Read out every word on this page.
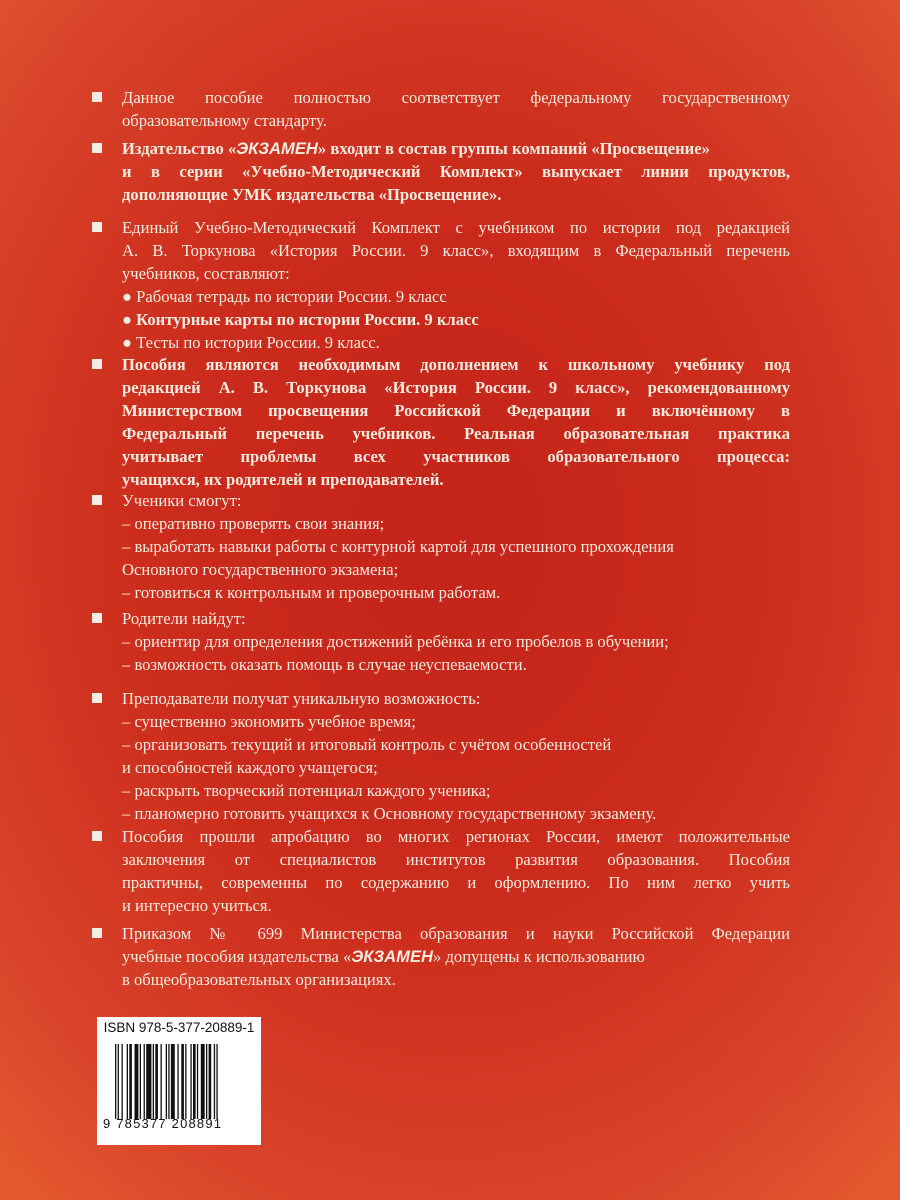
Данное пособие полностью соответствует федеральному государственному
образовательному стандарту.
Издательство «ЭКЗАМЕН» входит в состав группы компаний «Просвещение»
и в серии «Учебно-Методический Комплект» выпускает линии продуктов,
дополняющие УМК издательства «Просвещение».
Единый Учебно-Методический Комплект с учебником по истории под редакцией
А. В. Торкунова «История России. 9 класс», входящим в Федеральный перечень
учебников, составляют:
● Рабочая тетрадь по истории России. 9 класс
● Контурные карты по истории России. 9 класс
● Тесты по истории России. 9 класс.
Пособия являются необходимым дополнением к школьному учебнику под
редакцией А. В. Торкунова «История России. 9 класс», рекомендованному
Министерством просвещения Российской Федерации и включённому в
Федеральный перечень учебников. Реальная образовательная практика
учитывает проблемы всех участников образовательного процесса:
учащихся, их родителей и преподавателей.
Ученики смогут:
– оперативно проверять свои знания;
– выработать навыки работы с контурной картой для успешного прохождения
Основного государственного экзамена;
– готовиться к контрольным и проверочным работам.
Родители найдут:
– ориентир для определения достижений ребёнка и его пробелов в обучении;
– возможность оказать помощь в случае неуспеваемости.
Преподаватели получат уникальную возможность:
– существенно экономить учебное время;
– организовать текущий и итоговый контроль с учётом особенностей
и способностей каждого учащегося;
– раскрыть творческий потенциал каждого ученика;
– планомерно готовить учащихся к Основному государственному экзамену.
Пособия прошли апробацию во многих регионах России, имеют положительные
заключения от специалистов институтов развития образования. Пособия
практичны, современны по содержанию и оформлению. По ним легко учить
и интересно учиться.
Приказом № 699 Министерства образования и науки Российской Федерации
учебные пособия издательства «ЭКЗАМЕН» допущены к использованию
в общеобразовательных организациях.
ISBN 978-5-377-20889-1
9 785377 208891
